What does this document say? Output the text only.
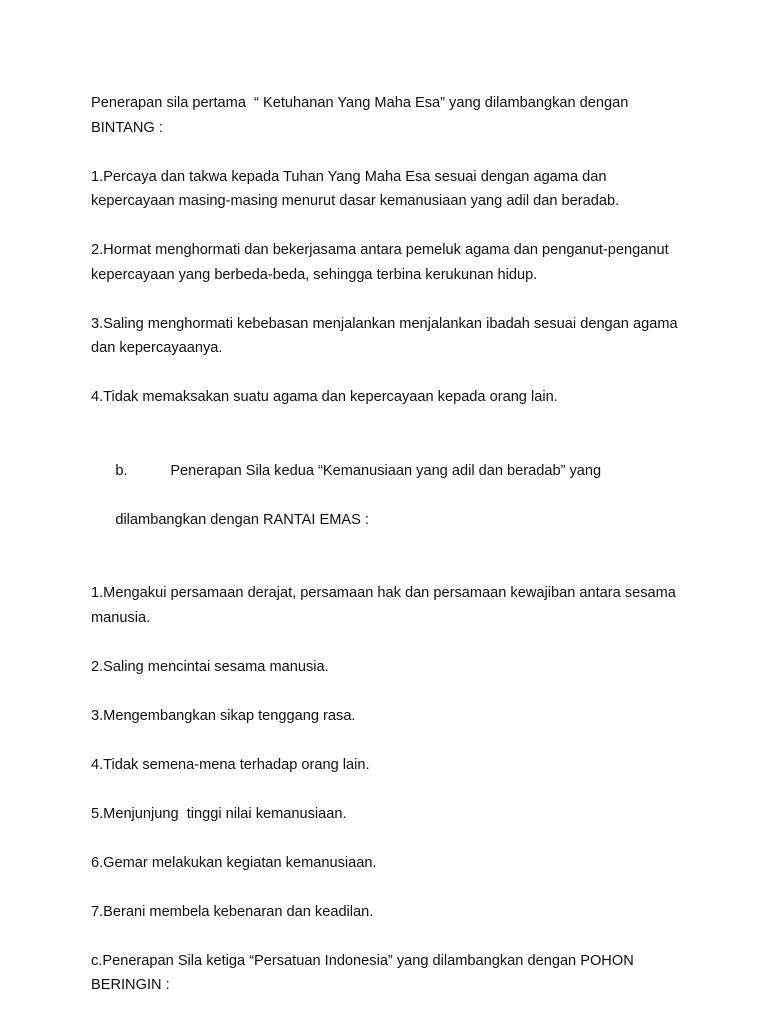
Penerapan sila pertama  “ Ketuhanan Yang Maha Esa” yang dilambangkan dengan BINTANG :

1.Percaya dan takwa kepada Tuhan Yang Maha Esa sesuai dengan agama dan kepercayaan masing-masing menurut dasar kemanusiaan yang adil dan beradab.

2.Hormat menghormati dan bekerjasama antara pemeluk agama dan penganut-penganut kepercayaan yang berbeda-beda, sehingga terbina kerukunan hidup.

3.Saling menghormati kebebasan menjalankan menjalankan ibadah sesuai dengan agama dan kepercayaanya.

4.Tidak memaksakan suatu agama dan kepercayaan kepada orang lain.

b.	Penerapan Sila kedua “Kemanusiaan yang adil dan beradab” yang

dilambangkan dengan RANTAI EMAS :

1.Mengakui persamaan derajat, persamaan hak dan persamaan kewajiban antara sesama manusia.

2.Saling mencintai sesama manusia.

3.Mengembangkan sikap tenggang rasa.

4.Tidak semena-mena terhadap orang lain.

5.Menjunjung  tinggi nilai kemanusiaan.

6.Gemar melakukan kegiatan kemanusiaan.

7.Berani membela kebenaran dan keadilan.

c.Penerapan Sila ketiga “Persatuan Indonesia” yang dilambangkan dengan POHON BERINGIN :
